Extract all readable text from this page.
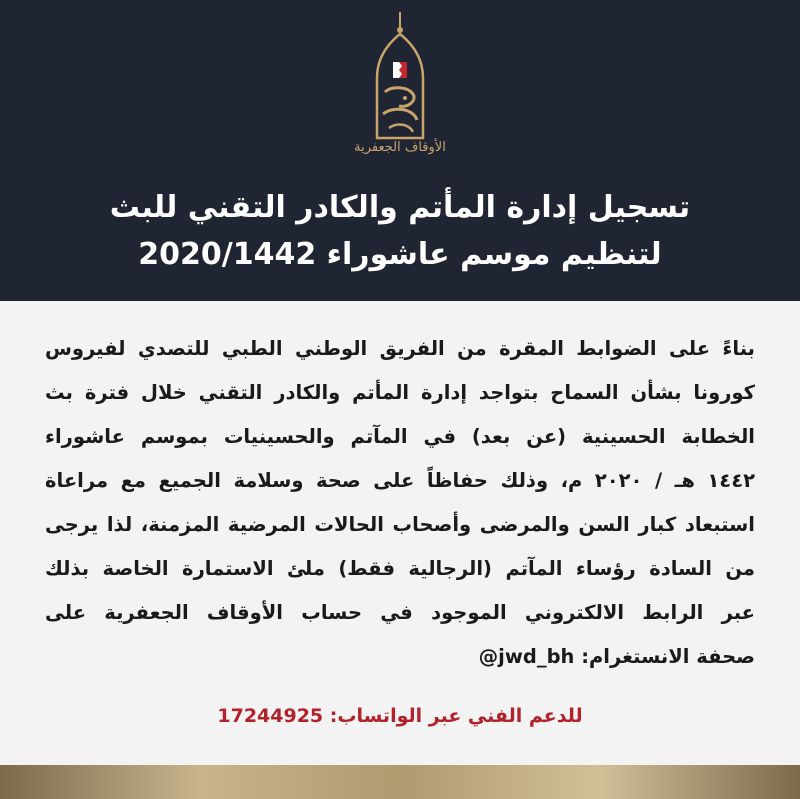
الأوقاف الجعفرية
تسجيل إدارة المأتم والكادر التقني للبث
لتنظيم موسم عاشوراء 2020/1442
بناءً على الضوابط المقرة من الفريق الوطني الطبي للتصدي لفيروس
كورونا بشأن السماح بتواجد إدارة المأتم والكادر التقني خلال فترة بث
الخطابة الحسينية (عن بعد) في المآتم والحسينيات بموسم عاشوراء
١٤٤٢ هـ / ٢٠٢٠ م، وذلك حفاظاً على صحة وسلامة الجميع مع مراعاة
استبعاد كبار السن والمرضى وأصحاب الحالات المرضية المزمنة، لذا يرجى
من السادة رؤساء المآتم (الرجالية فقط) ملئ الاستمارة الخاصة بذلك
عبر الرابط الالكتروني الموجود في حساب الأوقاف الجعفرية على
صحفة الانستغرام: jwd_bh@
للدعم الفني عبر الواتساب: 17244925
